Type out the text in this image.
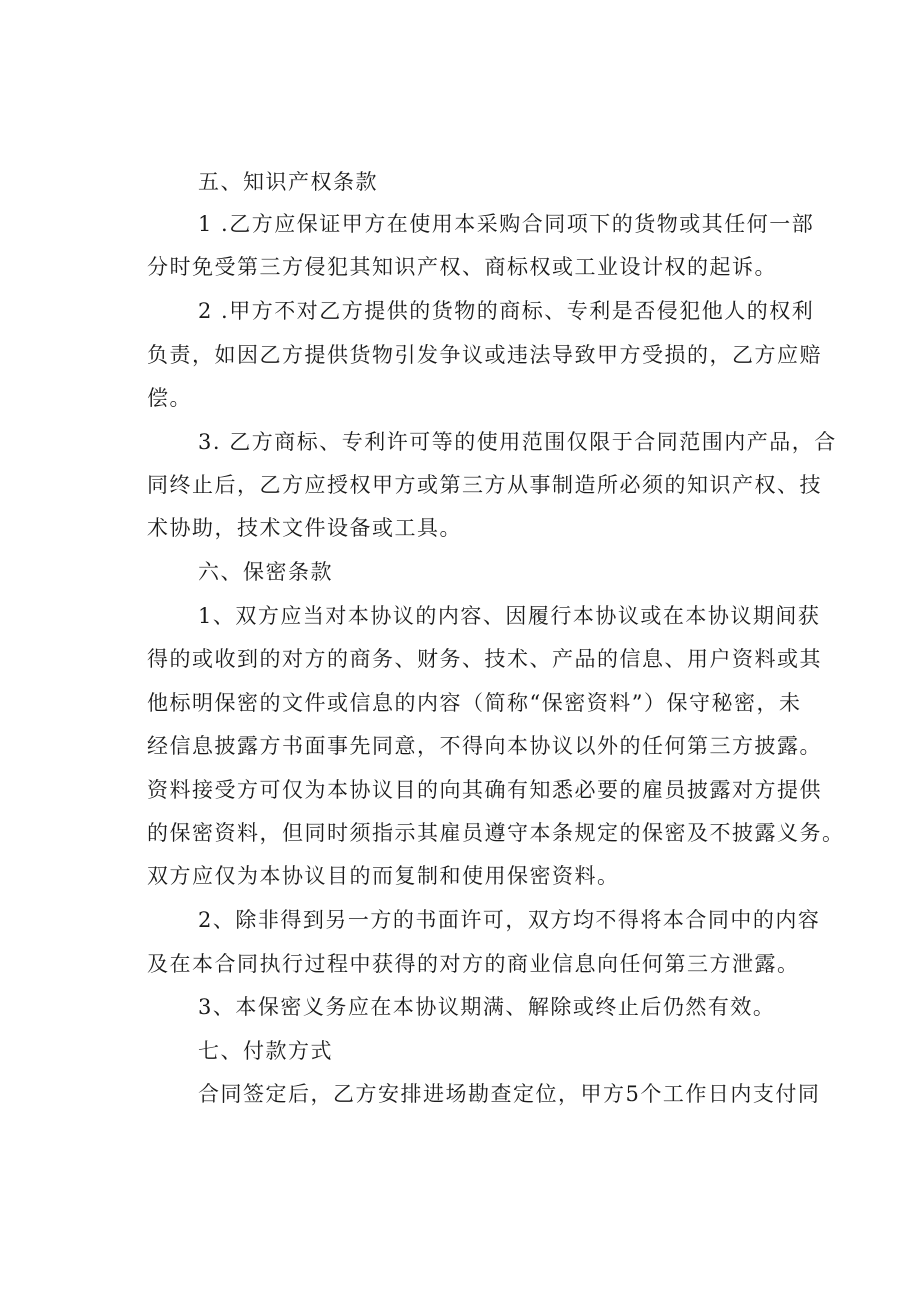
五、知识产权条款
1 .乙方应保证甲方在使用本采购合同项下的货物或其任何一部
分时免受第三方侵犯其知识产权、商标权或工业设计权的起诉。
2 .甲方不对乙方提供的货物的商标、专利是否侵犯他人的权利
负责，如因乙方提供货物引发争议或违法导致甲方受损的，乙方应赔
偿。
3. 乙方商标、专利许可等的使用范围仅限于合同范围内产品，合
同终止后，乙方应授权甲方或第三方从事制造所必须的知识产权、技
术协助，技术文件设备或工具。
六、保密条款
1、双方应当对本协议的内容、因履行本协议或在本协议期间获
得的或收到的对方的商务、财务、技术、产品的信息、用户资料或其
他标明保密的文件或信息的内容（简称“保密资料”）保守秘密，未
经信息披露方书面事先同意，不得向本协议以外的任何第三方披露。
资料接受方可仅为本协议目的向其确有知悉必要的雇员披露对方提供
的保密资料，但同时须指示其雇员遵守本条规定的保密及不披露义务。
双方应仅为本协议目的而复制和使用保密资料。
2、除非得到另一方的书面许可，双方均不得将本合同中的内容
及在本合同执行过程中获得的对方的商业信息向任何第三方泄露。
3、本保密义务应在本协议期满、解除或终止后仍然有效。
七、付款方式
合同签定后，乙方安排进场勘查定位，甲方5个工作日内支付同
